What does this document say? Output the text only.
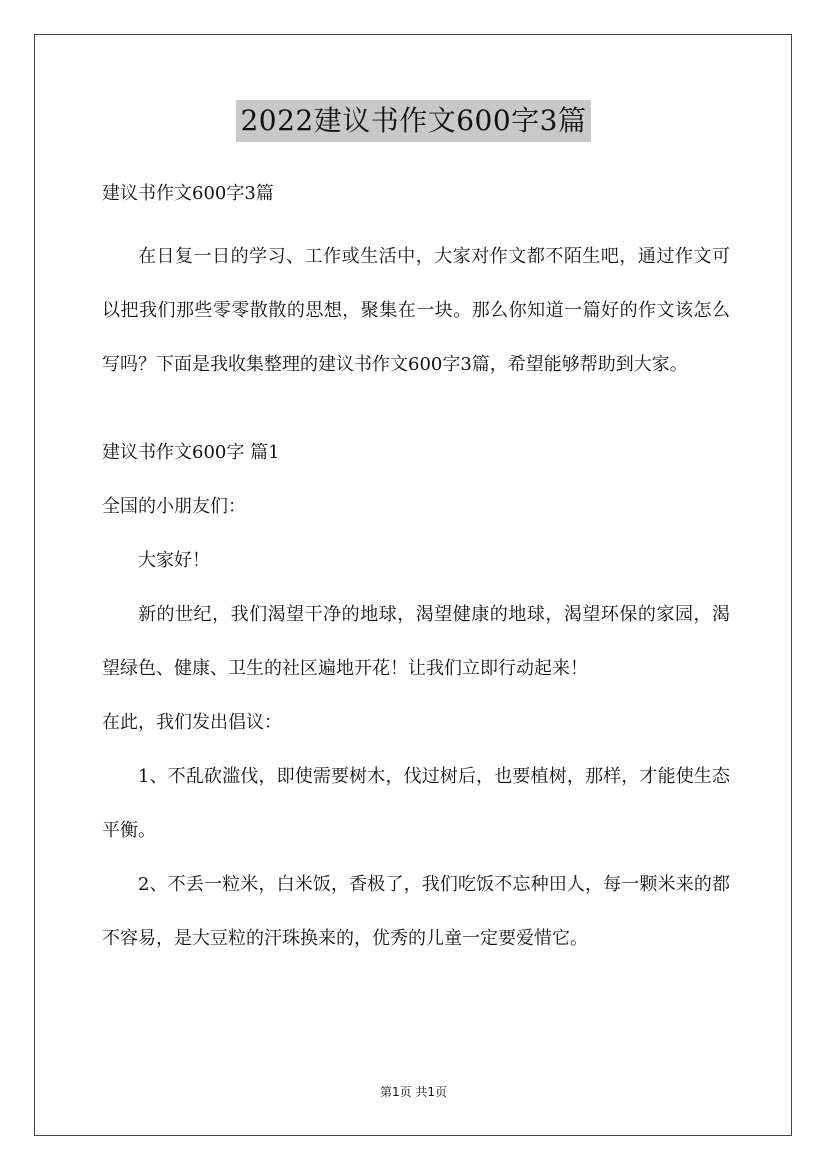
2022建议书作文600字3篇
建议书作文600字3篇

在日复一日的学习、工作或生活中，大家对作文都不陌生吧，通过作文可以把我们那些零零散散的思想，聚集在一块。那么你知道一篇好的作文该怎么写吗？下面是我收集整理的建议书作文600字3篇，希望能够帮助到大家。

建议书作文600字 篇1

全国的小朋友们：

大家好！

新的世纪，我们渴望干净的地球，渴望健康的地球，渴望环保的家园，渴望绿色、健康、卫生的社区遍地开花！让我们立即行动起来！

在此，我们发出倡议：

1、不乱砍滥伐，即使需要树木，伐过树后，也要植树，那样，才能使生态平衡。

2、不丢一粒米，白米饭，香极了，我们吃饭不忘种田人，每一颗米来的都不容易，是大豆粒的汗珠换来的，优秀的儿童一定要爱惜它。

第1页 共1页
